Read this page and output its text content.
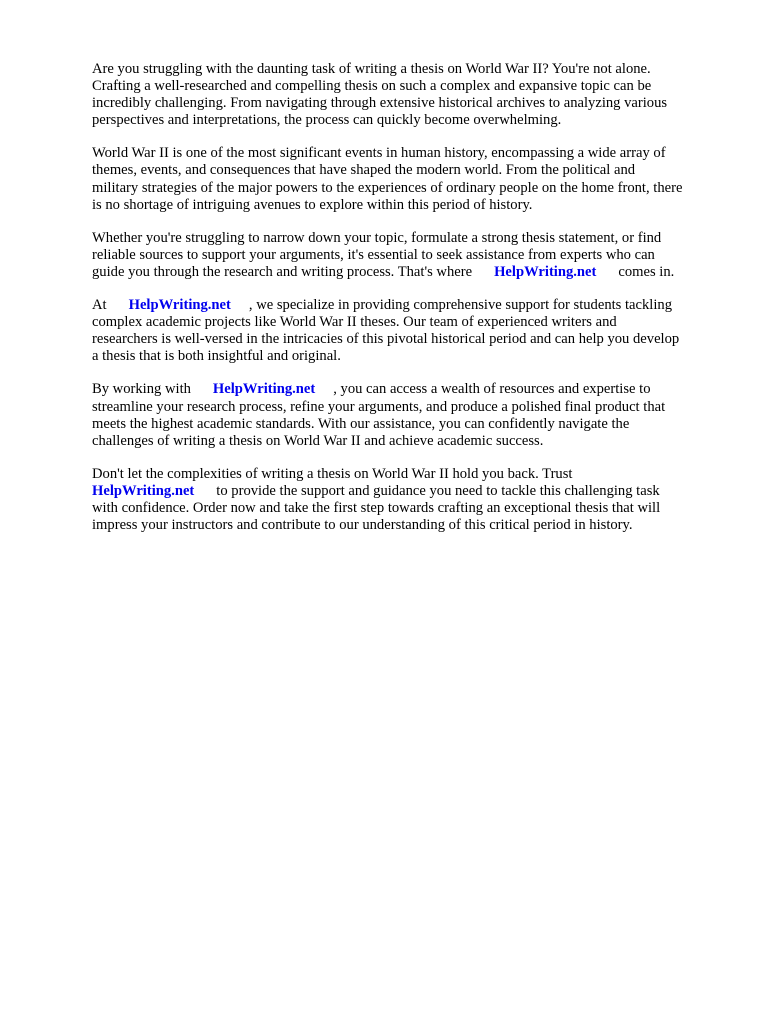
Are you struggling with the daunting task of writing a thesis on World War II? You're not alone.
Crafting a well-researched and compelling thesis on such a complex and expansive topic can be
incredibly challenging. From navigating through extensive historical archives to analyzing various
perspectives and interpretations, the process can quickly become overwhelming.

World War II is one of the most significant events in human history, encompassing a wide array of
themes, events, and consequences that have shaped the modern world. From the political and
military strategies of the major powers to the experiences of ordinary people on the home front, there
is no shortage of intriguing avenues to explore within this period of history.

Whether you're struggling to narrow down your topic, formulate a strong thesis statement, or find
reliable sources to support your arguments, it's essential to seek assistance from experts who can
guide you through the research and writing process. That's where HelpWriting.net comes in.

At HelpWriting.net , we specialize in providing comprehensive support for students tackling
complex academic projects like World War II theses. Our team of experienced writers and
researchers is well-versed in the intricacies of this pivotal historical period and can help you develop
a thesis that is both insightful and original.

By working with HelpWriting.net , you can access a wealth of resources and expertise to
streamline your research process, refine your arguments, and produce a polished final product that
meets the highest academic standards. With our assistance, you can confidently navigate the
challenges of writing a thesis on World War II and achieve academic success.

Don't let the complexities of writing a thesis on World War II hold you back. Trust
HelpWriting.net to provide the support and guidance you need to tackle this challenging task
with confidence. Order now and take the first step towards crafting an exceptional thesis that will
impress your instructors and contribute to our understanding of this critical period in history.
